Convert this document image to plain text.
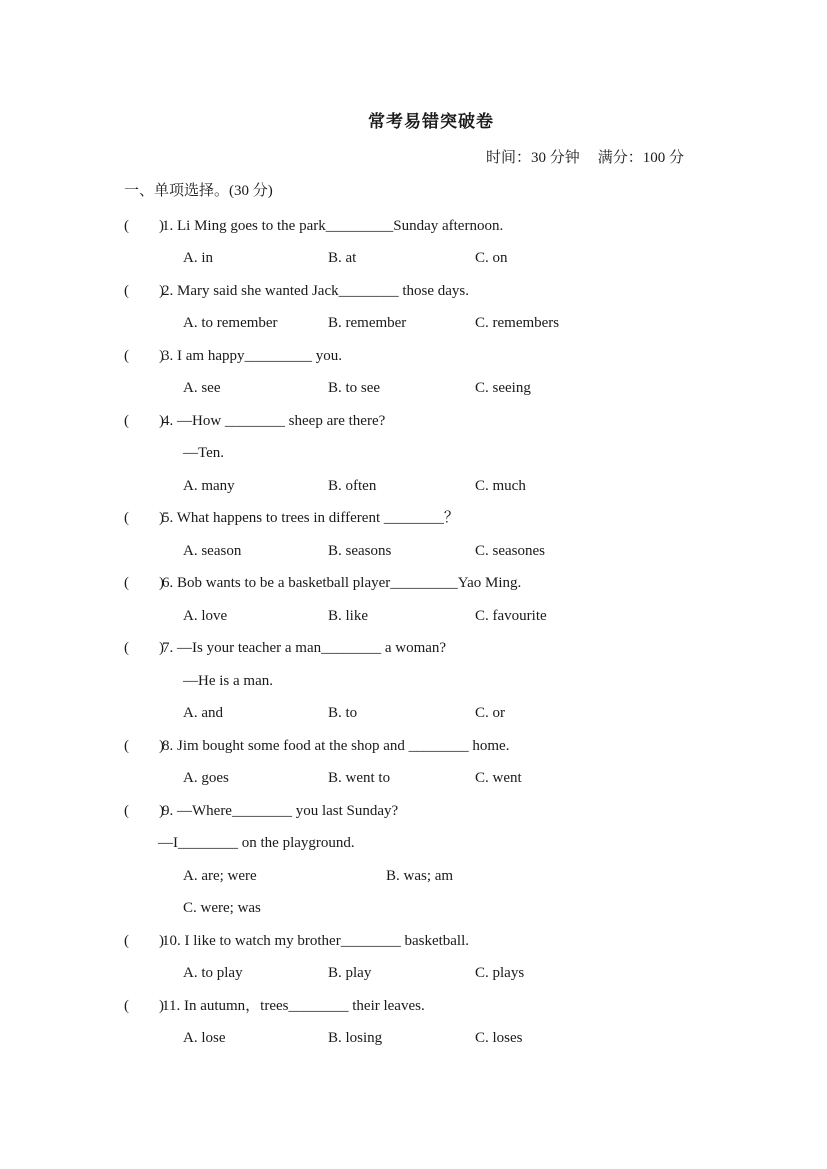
常考易错突破卷
时间：30 分钟 满分：100 分
一、单项选择。(30 分)
(　　)
1. Li Ming goes to the park_________Sunday afternoon.
A. in	B. at	C. on
(　　)
2. Mary said she wanted Jack________ those days.
A. to remember	B. remember	C. remembers
(　　)
3. I am happy_________ you.
A. see	B. to see	C. seeing
(　　)
4. —How ________ sheep are there?
—Ten.
A. many	B. often	C. much
(　　)
5. What happens to trees in different ________？
A. season	B. seasons	C. seasones
(　　)
6. Bob wants to be a basketball player_________Yao Ming.
A. love	B. like	C. favourite
(　　)
7. —Is your teacher a man________ a woman?
—He is a man.
A. and	B. to	C. or
(　　)
8. Jim bought some food at the shop and ________ home.
A. goes	B. went to	C. went
(　　)
9. —Where________ you last Sunday?
—I________ on the playground.
A. are; were	B. was; am
C. were; was
(　　)
10. I like to watch my brother________ basketball.
A. to play	B. play	C. plays
(　　)
11. In autumn，trees________ their leaves.
A. lose	B. losing	C. loses
